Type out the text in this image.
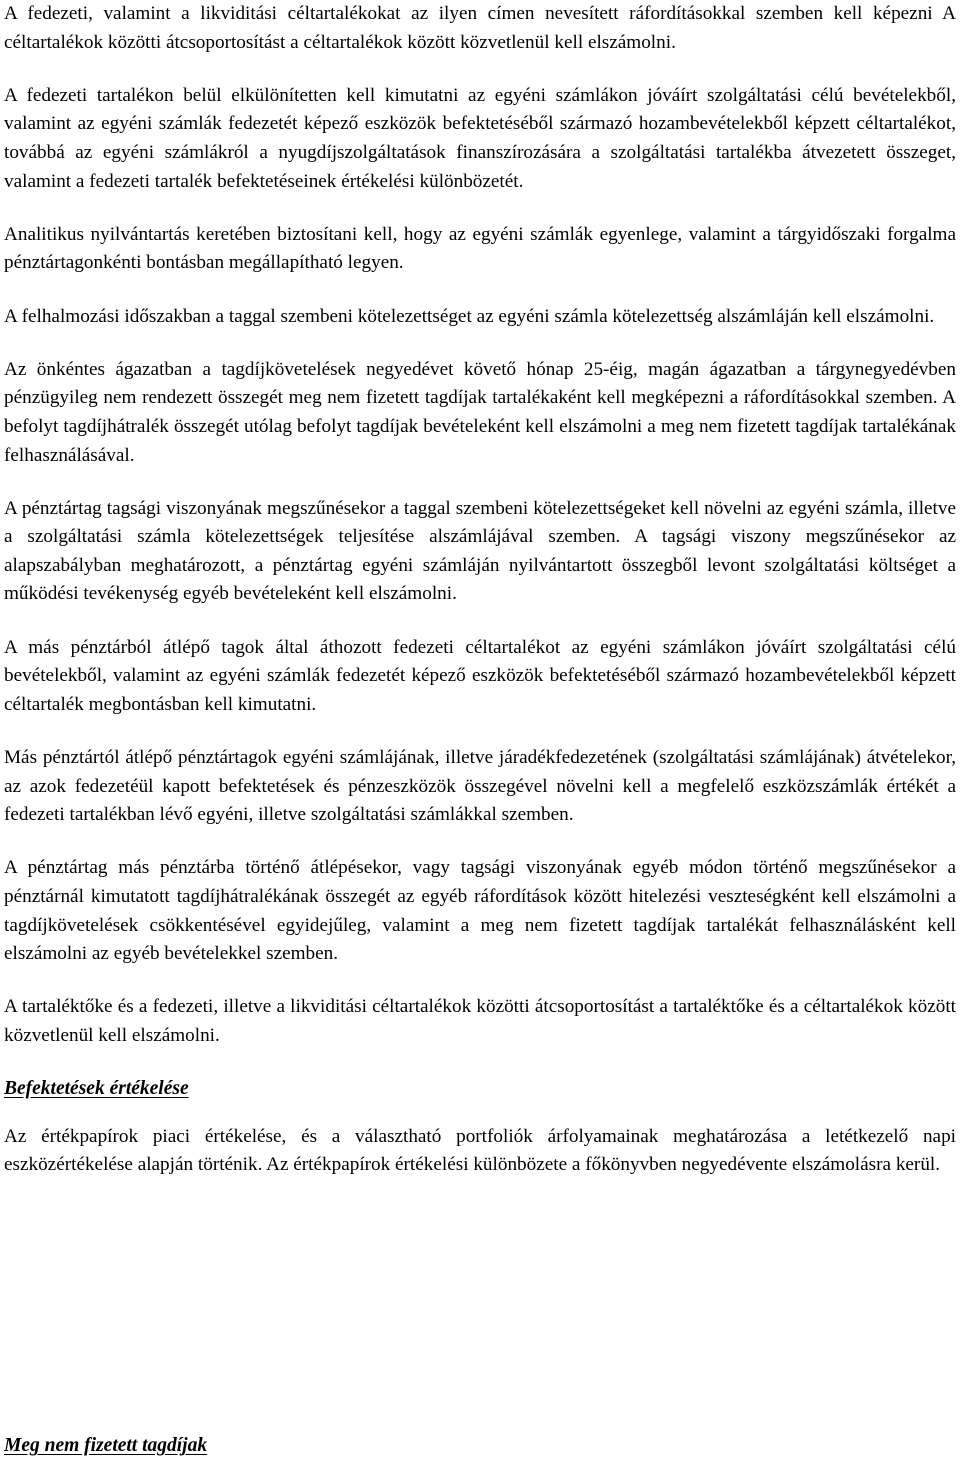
A fedezeti, valamint a likviditási céltartalékokat az ilyen címen nevesített ráfordításokkal szemben kell képezni A céltartalékok közötti átcsoportosítást a céltartalékok között közvetlenül kell elszámolni.

A fedezeti tartalékon belül elkülönítetten kell kimutatni az egyéni számlákon jóváírt szolgáltatási célú bevételekből, valamint az egyéni számlák fedezetét képező eszközök befektetéséből származó hozambevételekből képzett céltartalékot, továbbá az egyéni számlákról a nyugdíjszolgáltatások finanszírozására a szolgáltatási tartalékba átvezetett összeget, valamint a fedezeti tartalék befektetéseinek értékelési különbözetét.

Analitikus nyilvántartás keretében biztosítani kell, hogy az egyéni számlák egyenlege, valamint a tárgyidőszaki forgalma pénztártagonkénti bontásban megállapítható legyen.

A felhalmozási időszakban a taggal szembeni kötelezettséget az egyéni számla kötelezettség alszámláján kell elszámolni.

Az önkéntes ágazatban a tagdíjkövetelések negyedévet követő hónap 25-éig, magán ágazatban a tárgynegyedévben pénzügyileg nem rendezett összegét meg nem fizetett tagdíjak tartalékaként kell megképezni a ráfordításokkal szemben. A befolyt tagdíjhátralék összegét utólag befolyt tagdíjak bevételeként kell elszámolni a meg nem fizetett tagdíjak tartalékának felhasználásával.

A pénztártag tagsági viszonyának megszűnésekor a taggal szembeni kötelezettségeket kell növelni az egyéni számla, illetve a szolgáltatási számla kötelezettségek teljesítése alszámlájával szemben. A tagsági viszony megszűnésekor az alapszabályban meghatározott, a pénztártag egyéni számláján nyilvántartott összegből levont szolgáltatási költséget a működési tevékenység egyéb bevételeként kell elszámolni.

A más pénztárból átlépő tagok által áthozott fedezeti céltartalékot az egyéni számlákon jóváírt szolgáltatási célú bevételekből, valamint az egyéni számlák fedezetét képező eszközök befektetéséből származó hozambevételekből képzett céltartalék megbontásban kell kimutatni.

Más pénztártól átlépő pénztártagok egyéni számlájának, illetve járadékfedezetének (szolgáltatási számlájának) átvételekor, az azok fedezetéül kapott befektetések és pénzeszközök összegével növelni kell a megfelelő eszközszámlák értékét a fedezeti tartalékban lévő egyéni, illetve szolgáltatási számlákkal szemben.

A pénztártag más pénztárba történő átlépésekor, vagy tagsági viszonyának egyéb módon történő megszűnésekor a pénztárnál kimutatott tagdíjhátralékának összegét az egyéb ráfordítások között hitelezési veszteségként kell elszámolni a tagdíjkövetelések csökkentésével egyidejűleg, valamint a meg nem fizetett tagdíjak tartalékát felhasználásként kell elszámolni az egyéb bevételekkel szemben.

A tartaléktőke és a fedezeti, illetve a likviditási céltartalékok közötti átcsoportosítást a tartaléktőke és a céltartalékok között közvetlenül kell elszámolni.

Befektetések értékelése

Az értékpapírok piaci értékelése, és a választható portfoliók árfolyamainak meghatározása a letétkezelő napi eszközértékelése alapján történik. Az értékpapírok értékelési különbözete a főkönyvben negyedévente elszámolásra kerül.

Meg nem fizetett tagdíjak
